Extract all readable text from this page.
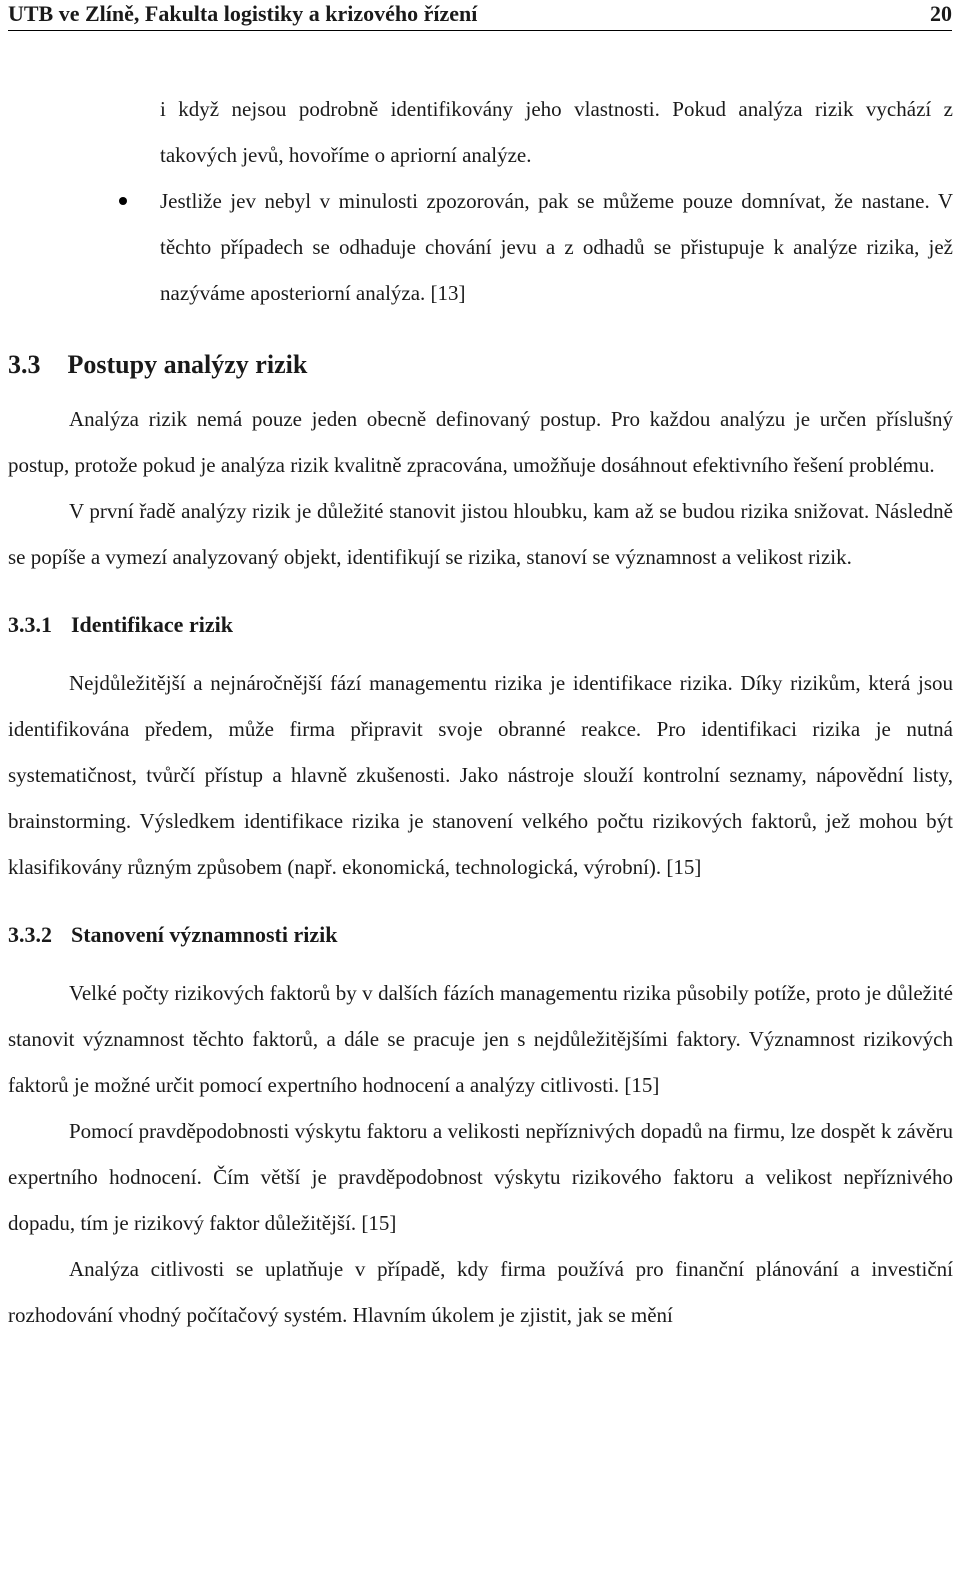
UTB ve Zlíně, Fakulta logistiky a krizového řízení	20

i když nejsou podrobně identifikovány jeho vlastnosti. Pokud analýza rizik vychází z takových jevů, hovoříme o apriorní analýze.

Jestliže jev nebyl v minulosti zpozorován, pak se můžeme pouze domnívat, že nastane. V těchto případech se odhaduje chování jevu a z odhadů se přistupuje k analýze rizika, jež nazýváme aposteriorní analýza. [13]

3.3 Postupy analýzy rizik

Analýza rizik nemá pouze jeden obecně definovaný postup. Pro každou analýzu je určen příslušný postup, protože pokud je analýza rizik kvalitně zpracována, umožňuje dosáhnout efektivního řešení problému.

V první řadě analýzy rizik je důležité stanovit jistou hloubku, kam až se budou rizika snižovat. Následně se popíše a vymezí analyzovaný objekt, identifikují se rizika, stanoví se významnost a velikost rizik.

3.3.1 Identifikace rizik

Nejdůležitější a nejnáročnější fází managementu rizika je identifikace rizika. Díky rizikům, která jsou identifikována předem, může firma připravit svoje obranné reakce. Pro identifikaci rizika je nutná systematičnost, tvůrčí přístup a hlavně zkušenosti. Jako nástroje slouží kontrolní seznamy, nápovědní listy, brainstorming. Výsledkem identifikace rizika je stanovení velkého počtu rizikových faktorů, jež mohou být klasifikovány různým způsobem (např. ekonomická, technologická, výrobní). [15]

3.3.2 Stanovení významnosti rizik

Velké počty rizikových faktorů by v dalších fázích managementu rizika působily potíže, proto je důležité stanovit významnost těchto faktorů, a dále se pracuje jen s nejdůležitějšími faktory. Významnost rizikových faktorů je možné určit pomocí expertního hodnocení a analýzy citlivosti. [15]

Pomocí pravděpodobnosti výskytu faktoru a velikosti nepříznivých dopadů na firmu, lze dospět k závěru expertního hodnocení. Čím větší je pravděpodobnost výskytu rizikového faktoru a velikost nepříznivého dopadu, tím je rizikový faktor důležitější. [15]

Analýza citlivosti se uplatňuje v případě, kdy firma používá pro finanční plánování a investiční rozhodování vhodný počítačový systém. Hlavním úkolem je zjistit, jak se mění
